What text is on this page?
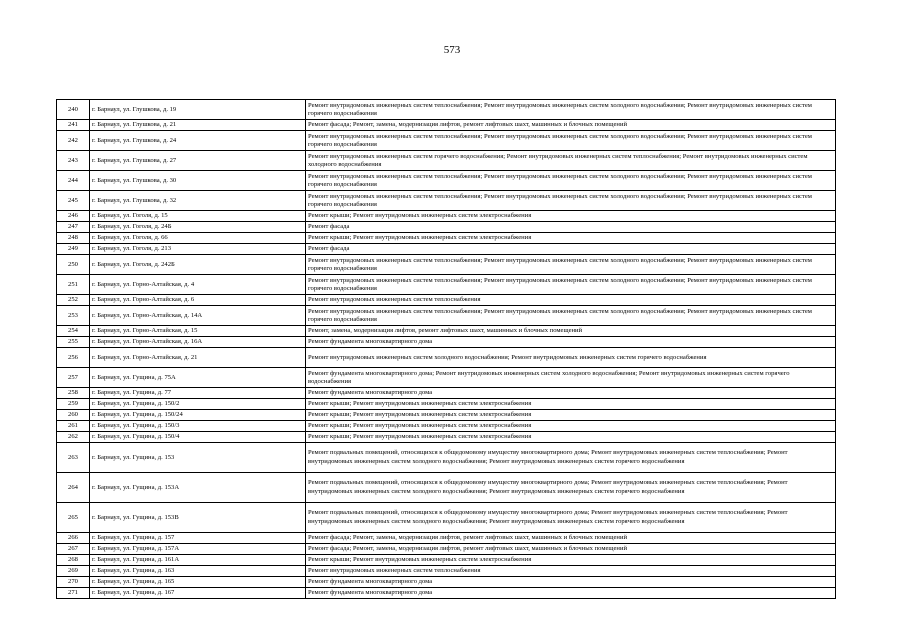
573
240	г. Барнаул, ул. Глушкова, д. 19	Ремонт внутридомовых инженерных систем теплоснабжения; Ремонт внутридомовых инженерных систем холодного водоснабжения; Ремонт внутридомовых инженерных систем горячего водоснабжения
241	г. Барнаул, ул. Глушкова, д. 21	Ремонт фасада; Ремонт, замена, модернизация лифтов, ремонт лифтовых шахт, машинных и блочных помещений
242	г. Барнаул, ул. Глушкова, д. 24	Ремонт внутридомовых инженерных систем теплоснабжения; Ремонт внутридомовых инженерных систем холодного водоснабжения; Ремонт внутридомовых инженерных систем горячего водоснабжения
243	г. Барнаул, ул. Глушкова, д. 27	Ремонт внутридомовых инженерных систем горячего водоснабжения; Ремонт внутридомовых инженерных систем теплоснабжения; Ремонт внутридомовых инженерных систем холодного водоснабжения
244	г. Барнаул, ул. Глушкова, д. 30	Ремонт внутридомовых инженерных систем теплоснабжения; Ремонт внутридомовых инженерных систем холодного водоснабжения; Ремонт внутридомовых инженерных систем горячего водоснабжения
245	г. Барнаул, ул. Глушкова, д. 32	Ремонт внутридомовых инженерных систем теплоснабжения; Ремонт внутридомовых инженерных систем холодного водоснабжения; Ремонт внутридомовых инженерных систем горячего водоснабжения
246	г. Барнаул, ул. Гоголя, д. 15	Ремонт крыши; Ремонт внутридомовых инженерных систем электроснабжения
247	г. Барнаул, ул. Гоголя, д. 24Б	Ремонт фасада
248	г. Барнаул, ул. Гоголя, д. 66	Ремонт крыши; Ремонт внутридомовых инженерных систем электроснабжения
249	г. Барнаул, ул. Гоголя, д. 213	Ремонт фасада
250	г. Барнаул, ул. Гоголя, д. 242Б	Ремонт внутридомовых инженерных систем теплоснабжения; Ремонт внутридомовых инженерных систем холодного водоснабжения; Ремонт внутридомовых инженерных систем горячего водоснабжения
251	г. Барнаул, ул. Горно-Алтайская, д. 4	Ремонт внутридомовых инженерных систем теплоснабжения; Ремонт внутридомовых инженерных систем холодного водоснабжения; Ремонт внутридомовых инженерных систем горячего водоснабжения
252	г. Барнаул, ул. Горно-Алтайская, д. 6	Ремонт внутридомовых инженерных систем теплоснабжения
253	г. Барнаул, ул. Горно-Алтайская, д. 14А	Ремонт внутридомовых инженерных систем теплоснабжения; Ремонт внутридомовых инженерных систем холодного водоснабжения; Ремонт внутридомовых инженерных систем горячего водоснабжения
254	г. Барнаул, ул. Горно-Алтайская, д. 15	Ремонт, замена, модернизация лифтов, ремонт лифтовых шахт, машинных и блочных помещений
255	г. Барнаул, ул. Горно-Алтайская, д. 16А	Ремонт фундамента многоквартирного дома
256	г. Барнаул, ул. Горно-Алтайская, д. 21	Ремонт внутридомовых инженерных систем холодного водоснабжения; Ремонт внутридомовых инженерных систем горячего водоснабжения
257	г. Барнаул, ул. Гущина, д. 75А	Ремонт фундамента многоквартирного дома; Ремонт внутридомовых инженерных систем холодного водоснабжения; Ремонт внутридомовых инженерных систем горячего водоснабжения
258	г. Барнаул, ул. Гущина, д. 77	Ремонт фундамента многоквартирного дома
259	г. Барнаул, ул. Гущина, д. 150/2	Ремонт крыши; Ремонт внутридомовых инженерных систем электроснабжения
260	г. Барнаул, ул. Гущина, д. 150/24	Ремонт крыши; Ремонт внутридомовых инженерных систем электроснабжения
261	г. Барнаул, ул. Гущина, д. 150/3	Ремонт крыши; Ремонт внутридомовых инженерных систем электроснабжения
262	г. Барнаул, ул. Гущина, д. 150/4	Ремонт крыши; Ремонт внутридомовых инженерных систем электроснабжения
263	г. Барнаул, ул. Гущина, д. 153	Ремонт подвальных помещений, относящихся к общедомовому имуществу многоквартирного дома; Ремонт внутридомовых инженерных систем теплоснабжения; Ремонт внутридомовых инженерных систем холодного водоснабжения; Ремонт внутридомовых инженерных систем горячего водоснабжения
264	г. Барнаул, ул. Гущина, д. 153А	Ремонт подвальных помещений, относящихся к общедомовому имуществу многоквартирного дома; Ремонт внутридомовых инженерных систем теплоснабжения; Ремонт внутридомовых инженерных систем холодного водоснабжения; Ремонт внутридомовых инженерных систем горячего водоснабжения
265	г. Барнаул, ул. Гущина, д. 153В	Ремонт подвальных помещений, относящихся к общедомовому имуществу многоквартирного дома; Ремонт внутридомовых инженерных систем теплоснабжения; Ремонт внутридомовых инженерных систем холодного водоснабжения; Ремонт внутридомовых инженерных систем горячего водоснабжения
266	г. Барнаул, ул. Гущина, д. 157	Ремонт фасада; Ремонт, замена, модернизация лифтов, ремонт лифтовых шахт, машинных и блочных помещений
267	г. Барнаул, ул. Гущина, д. 157А	Ремонт фасада; Ремонт, замена, модернизация лифтов, ремонт лифтовых шахт, машинных и блочных помещений
268	г. Барнаул, ул. Гущина, д. 161А	Ремонт крыши; Ремонт внутридомовых инженерных систем электроснабжения
269	г. Барнаул, ул. Гущина, д. 163	Ремонт внутридомовых инженерных систем теплоснабжения
270	г. Барнаул, ул. Гущина, д. 165	Ремонт фундамента многоквартирного дома
271	г. Барнаул, ул. Гущина, д. 167	Ремонт фундамента многоквартирного дома
